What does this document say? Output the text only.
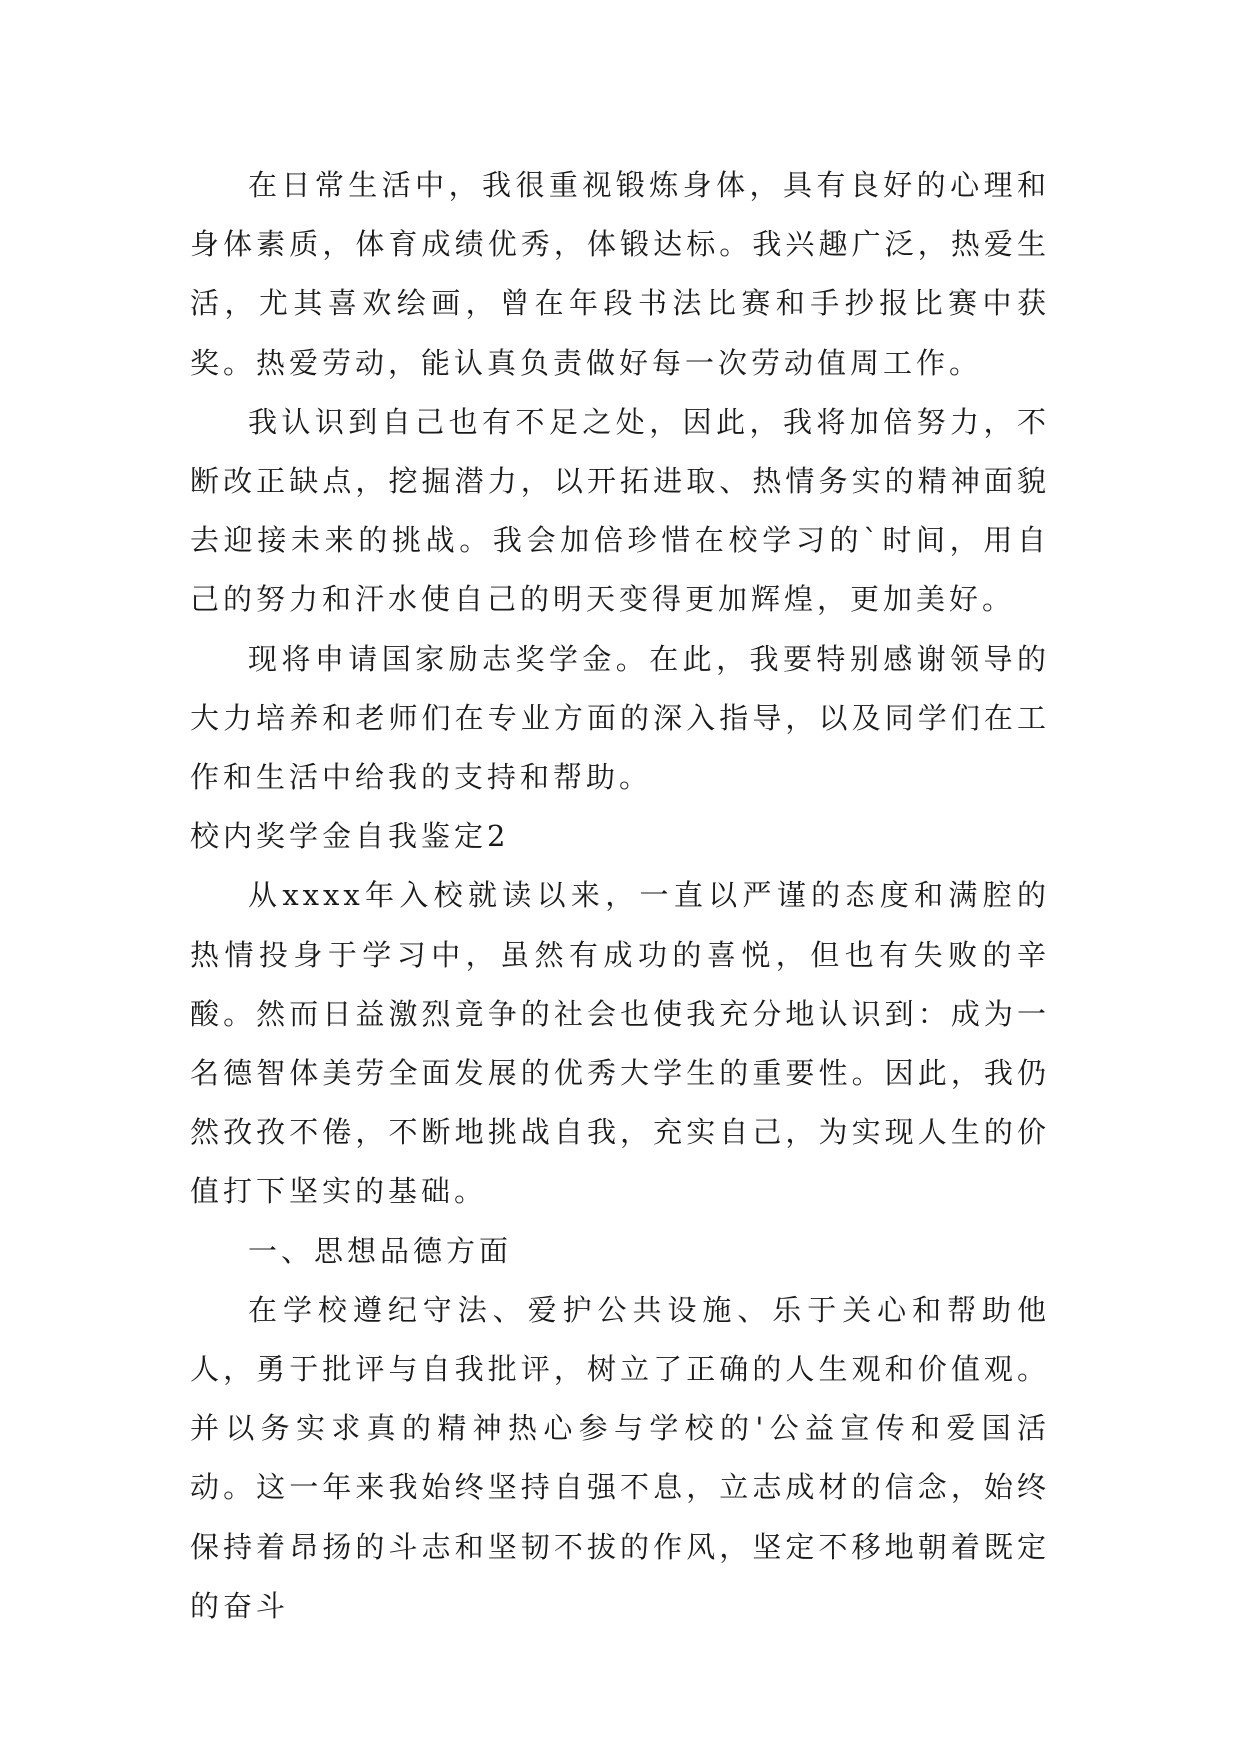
在日常生活中，我很重视锻炼身体，具有良好的心理和身体素质，体育成绩优秀，体锻达标。我兴趣广泛，热爱生活，尤其喜欢绘画，曾在年段书法比赛和手抄报比赛中获奖。热爱劳动，能认真负责做好每一次劳动值周工作。

我认识到自己也有不足之处，因此，我将加倍努力，不断改正缺点，挖掘潜力，以开拓进取、热情务实的精神面貌去迎接未来的挑战。我会加倍珍惜在校学习的`时间，用自己的努力和汗水使自己的明天变得更加辉煌，更加美好。

现将申请国家励志奖学金。在此，我要特别感谢领导的大力培养和老师们在专业方面的深入指导，以及同学们在工作和生活中给我的支持和帮助。

校内奖学金自我鉴定2

从xxxx年入校就读以来，一直以严谨的态度和满腔的热情投身于学习中，虽然有成功的喜悦，但也有失败的辛酸。然而日益激烈竟争的社会也使我充分地认识到：成为一名德智体美劳全面发展的优秀大学生的重要性。因此，我仍然孜孜不倦，不断地挑战自我，充实自己，为实现人生的价值打下坚实的基础。

一、思想品德方面

在学校遵纪守法、爱护公共设施、乐于关心和帮助他人，勇于批评与自我批评，树立了正确的人生观和价值观。并以务实求真的精神热心参与学校的'公益宣传和爱国活动。这一年来我始终坚持自强不息，立志成材的信念，始终保持着昂扬的斗志和坚韧不拔的作风，坚定不移地朝着既定的奋斗
